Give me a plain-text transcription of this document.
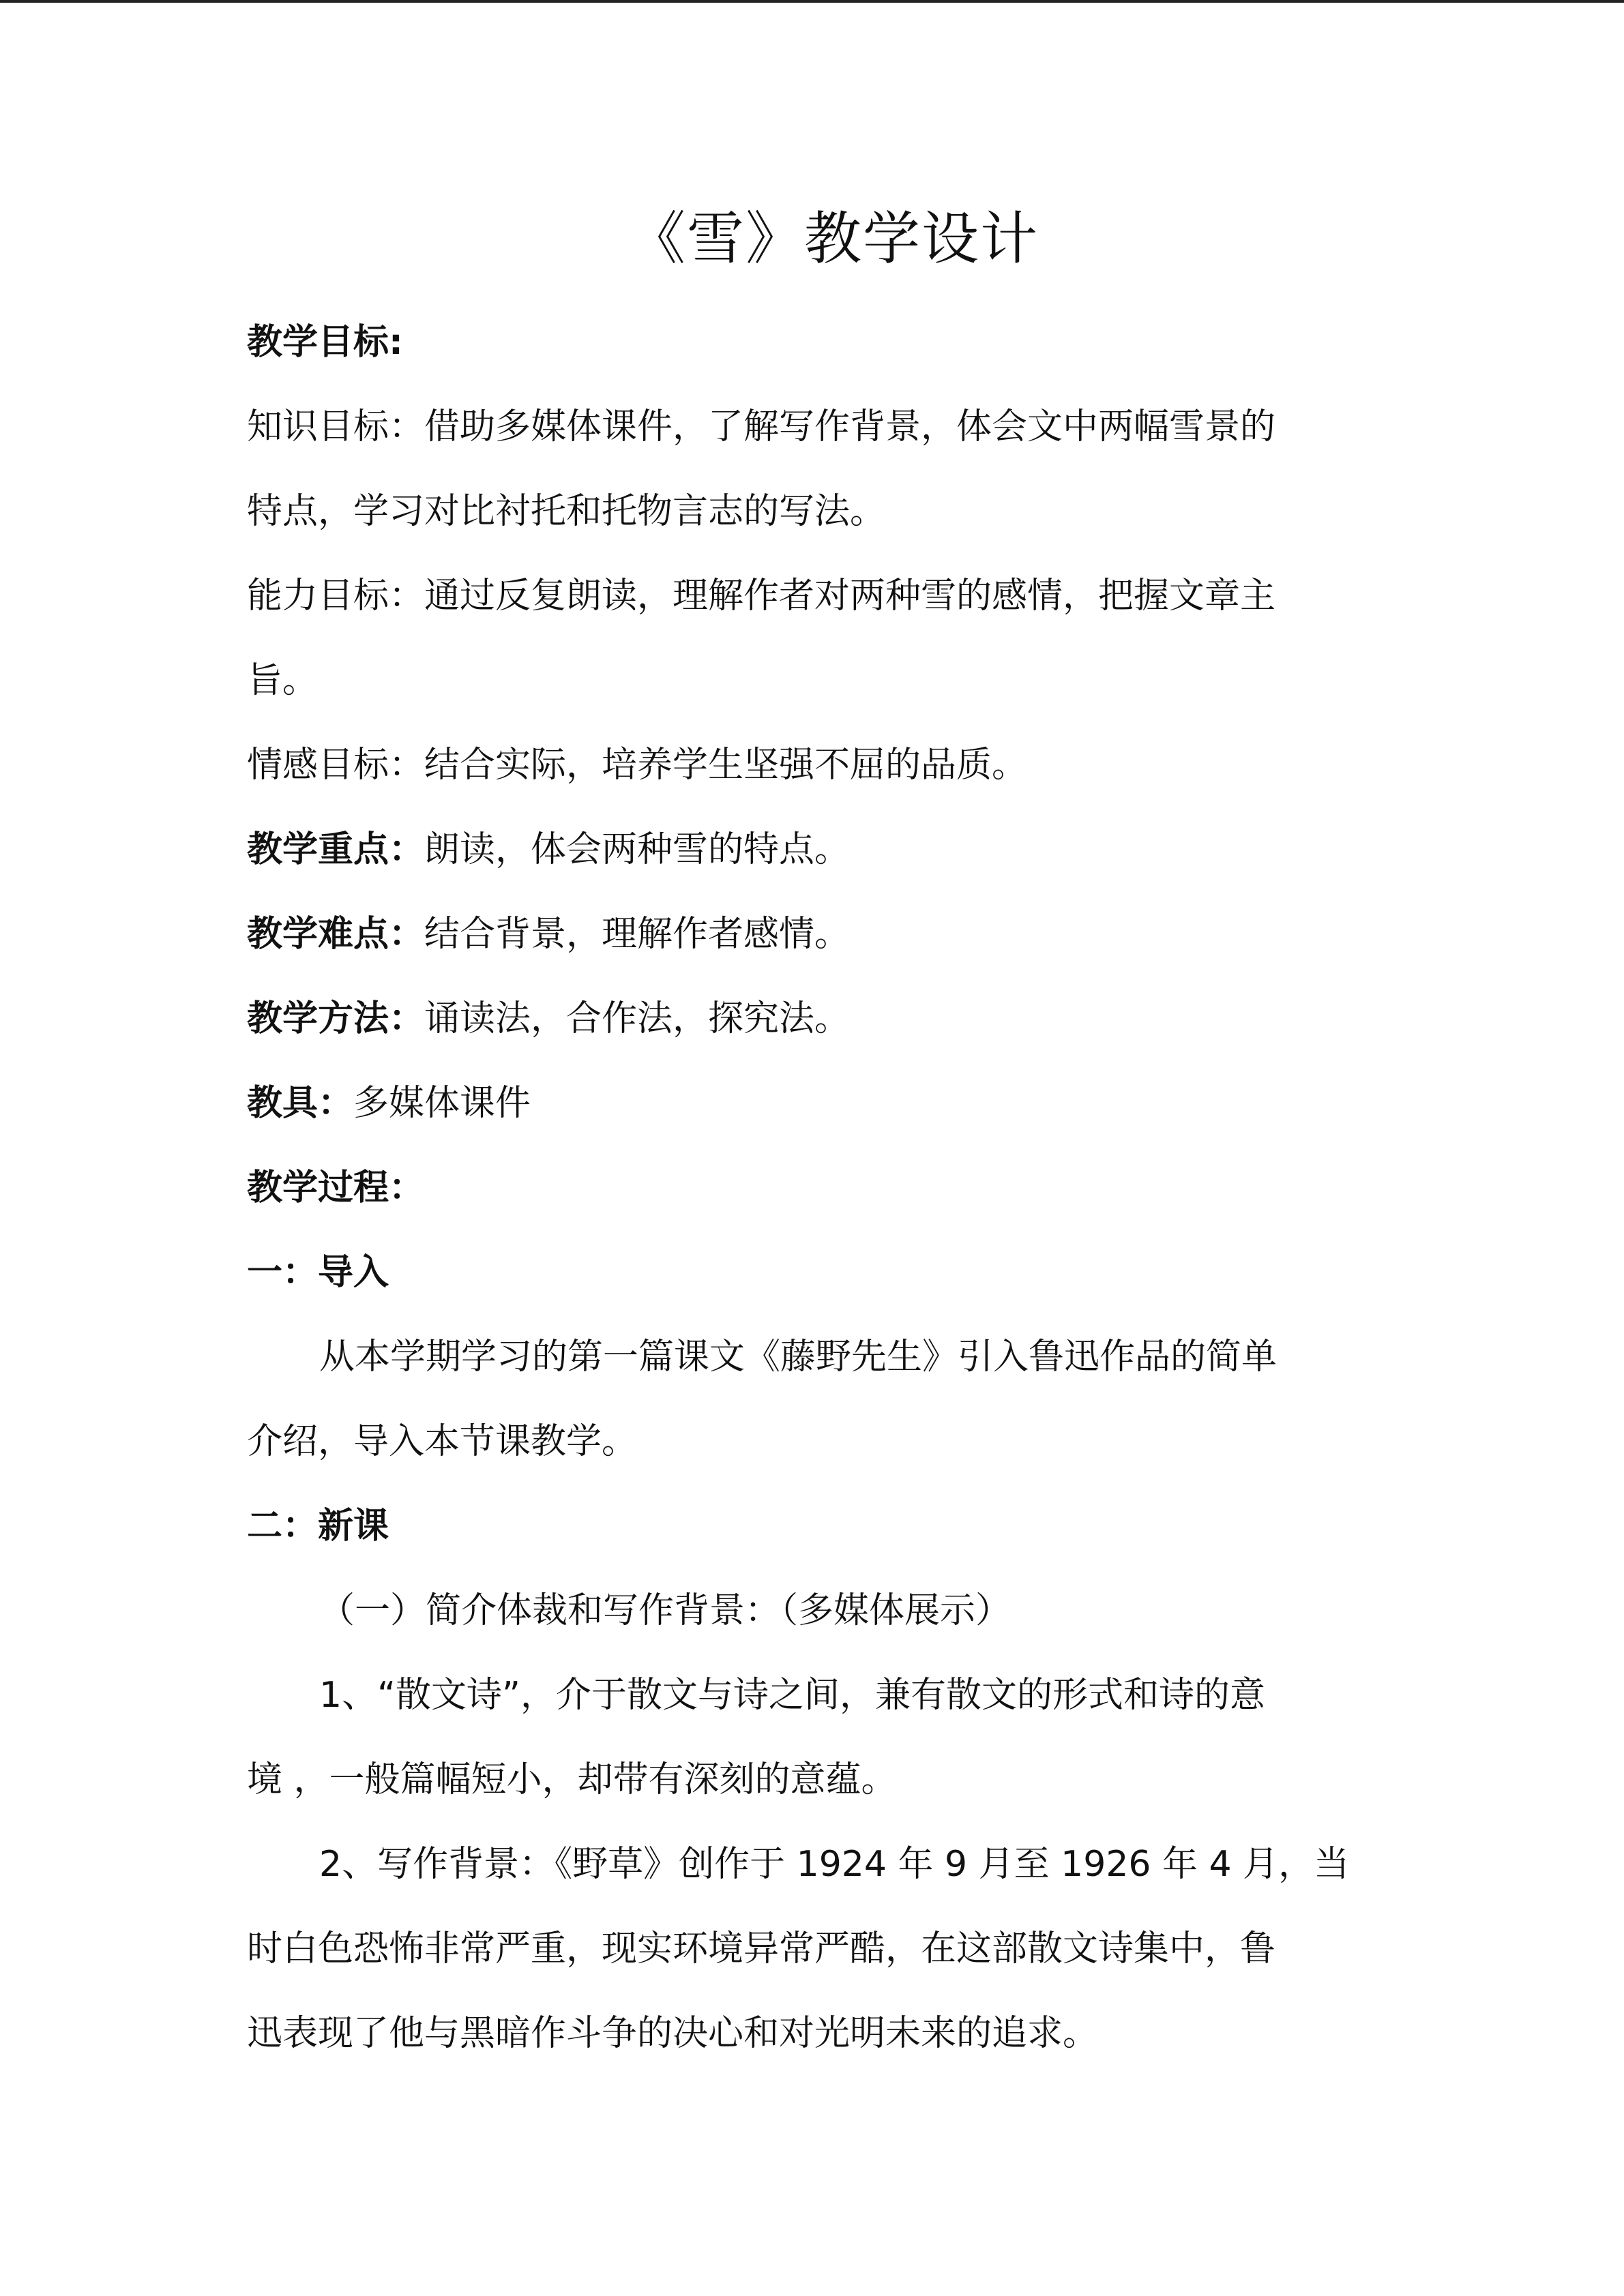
《雪》教学设计

教学目标:

知识目标：借助多媒体课件，了解写作背景，体会文中两幅雪景的

特点，学习对比衬托和托物言志的写法。

能力目标：通过反复朗读，理解作者对两种雪的感情，把握文章主

旨。

情感目标：结合实际，培养学生坚强不屈的品质。

教学重点：朗读，体会两种雪的特点。

教学难点：结合背景，理解作者感情。

教学方法：诵读法，合作法，探究法。

教具：多媒体课件

教学过程：

一：导入

从本学期学习的第一篇课文《藤野先生》引入鲁迅作品的简单

介绍，导入本节课教学。

二：新课

（一）简介体裁和写作背景：（多媒体展示）

1、“散文诗”，介于散文与诗之间，兼有散文的形式和诗的意

境 ，一般篇幅短小，却带有深刻的意蕴。

2、写作背景：《野草》创作于 1924 年 9 月至 1926 年 4 月，当

时白色恐怖非常严重，现实环境异常严酷，在这部散文诗集中，鲁

迅表现了他与黑暗作斗争的决心和对光明未来的追求。
